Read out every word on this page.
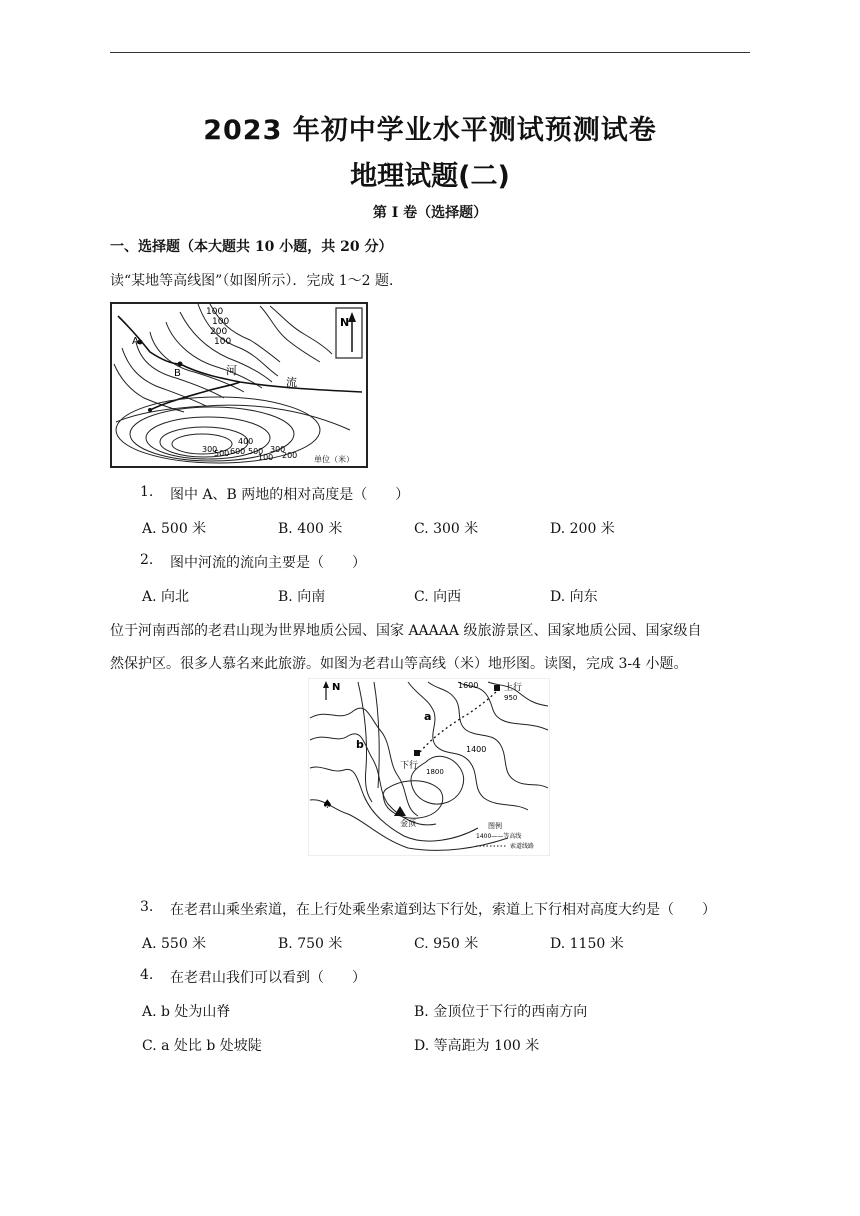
2023 年初中学业水平测试预测试卷
地理试题(二)
第 I 卷（选择题）
一、选择题（本大题共 10 小题，共 20 分）
读“某地等高线图”（如图所示）．完成 1～2 题．
N
A
B	河
流
100
100
200
100
300
500 600
400
500
100
300
200 单位（米）
1. 图中 A、B 两地的相对高度是（　　）
A. 500 米	B. 400 米	C. 300 米	D. 200 米
2. 图中河流的流向主要是（　　）
A. 向北	B. 向南	C. 向西	D. 向东
位于河南西部的老君山现为世界地质公园、国家 AAAAA 级旅游景区、国家地质公园、国家级自
然保护区。很多人慕名来此旅游。如图为老君山等高线（米）地形图。读图，完成 3-4 小题。
N
♠
1600	上行
950
a
b	1400
下行
1800
金顶	图例
1400——等高线
索道线路
3. 在老君山乘坐索道，在上行处乘坐索道到达下行处，索道上下行相对高度大约是（　　）
A. 550 米	B. 750 米	C. 950 米	D. 1150 米
4. 在老君山我们可以看到（　　）
A. b 处为山脊	B. 金顶位于下行的西南方向
C. a 处比 b 处坡陡	D. 等高距为 100 米
